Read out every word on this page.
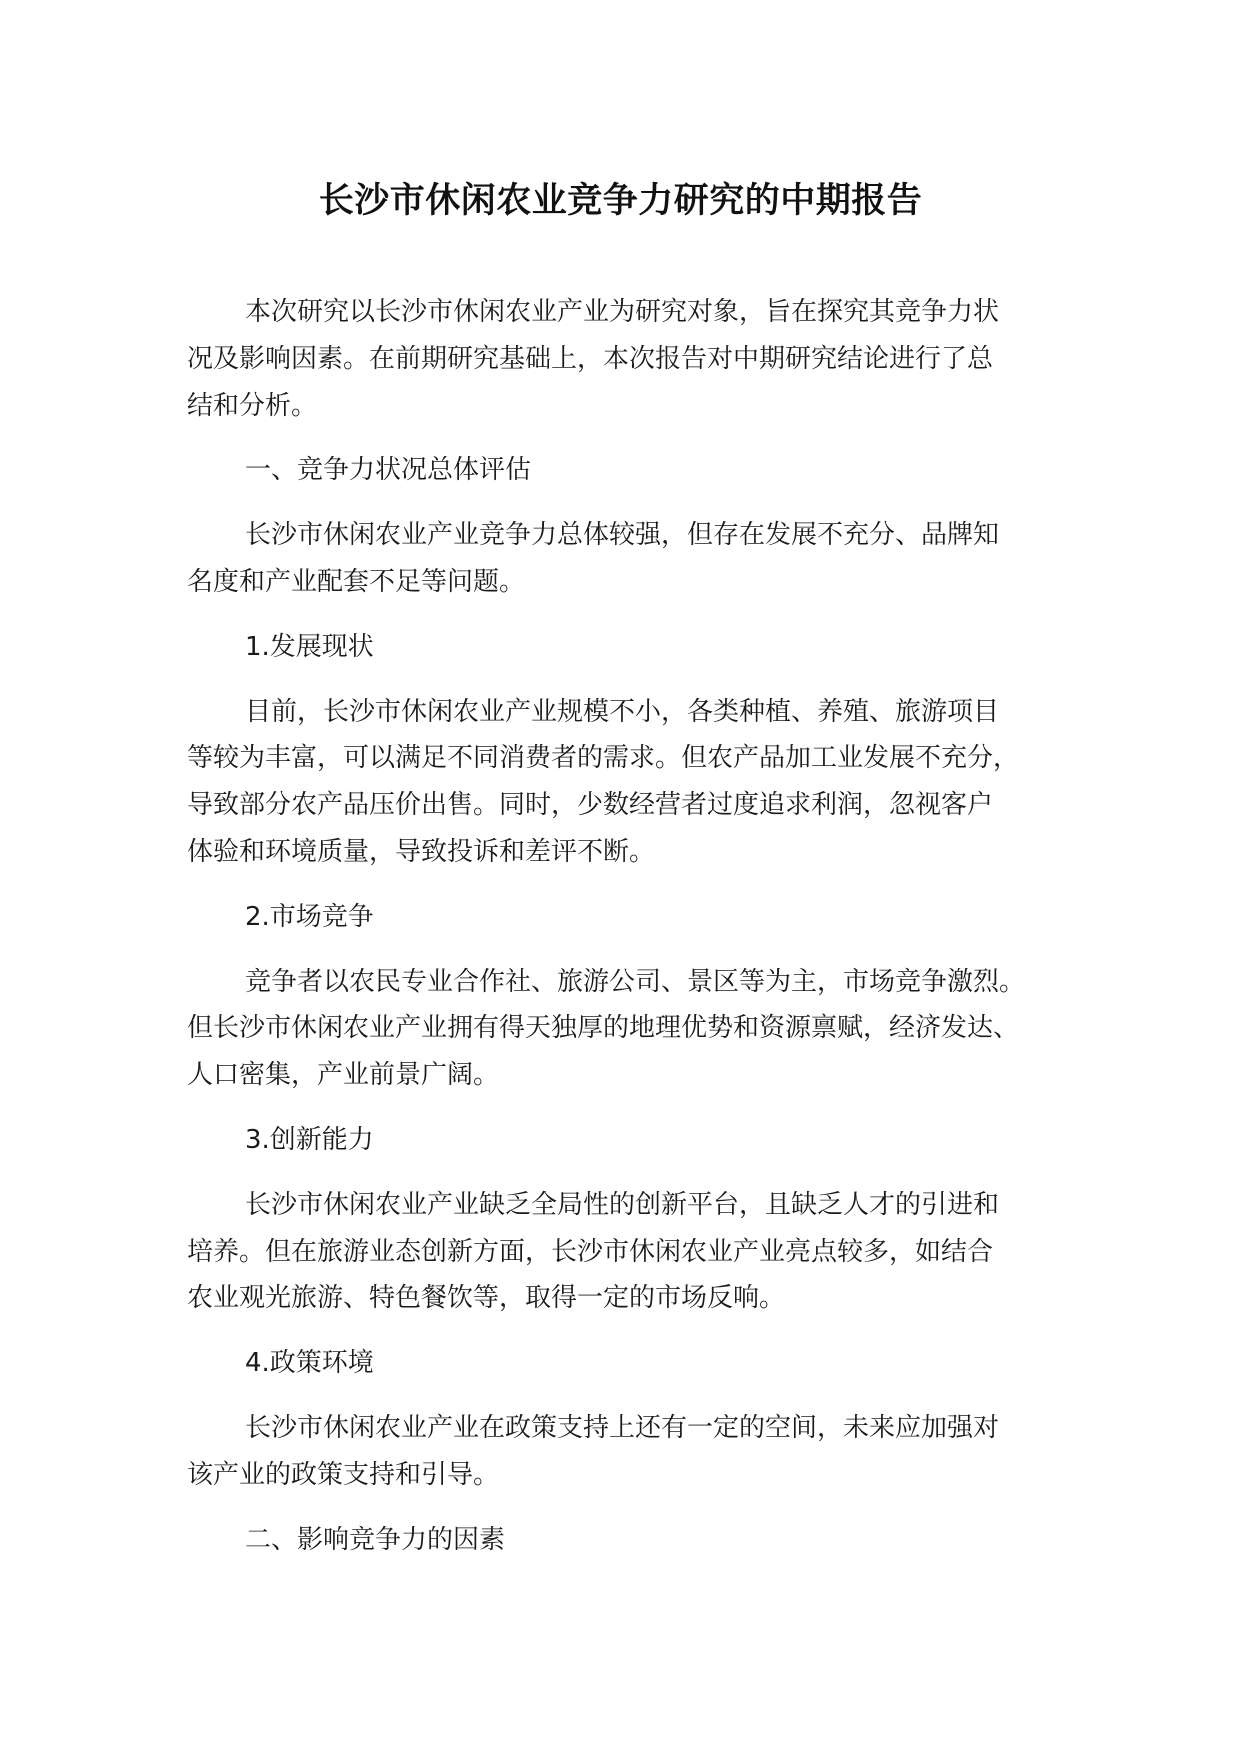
长沙市休闲农业竞争力研究的中期报告

本次研究以长沙市休闲农业产业为研究对象，旨在探究其竞争力状
况及影响因素。在前期研究基础上，本次报告对中期研究结论进行了总
结和分析。

一、竞争力状况总体评估

长沙市休闲农业产业竞争力总体较强，但存在发展不充分、品牌知
名度和产业配套不足等问题。

1.发展现状

目前，长沙市休闲农业产业规模不小，各类种植、养殖、旅游项目
等较为丰富，可以满足不同消费者的需求。但农产品加工业发展不充分，
导致部分农产品压价出售。同时，少数经营者过度追求利润，忽视客户
体验和环境质量，导致投诉和差评不断。

2.市场竞争

竞争者以农民专业合作社、旅游公司、景区等为主，市场竞争激烈。
但长沙市休闲农业产业拥有得天独厚的地理优势和资源禀赋，经济发达、
人口密集，产业前景广阔。

3.创新能力

长沙市休闲农业产业缺乏全局性的创新平台，且缺乏人才的引进和
培养。但在旅游业态创新方面，长沙市休闲农业产业亮点较多，如结合
农业观光旅游、特色餐饮等，取得一定的市场反响。

4.政策环境

长沙市休闲农业产业在政策支持上还有一定的空间，未来应加强对
该产业的政策支持和引导。

二、影响竞争力的因素
